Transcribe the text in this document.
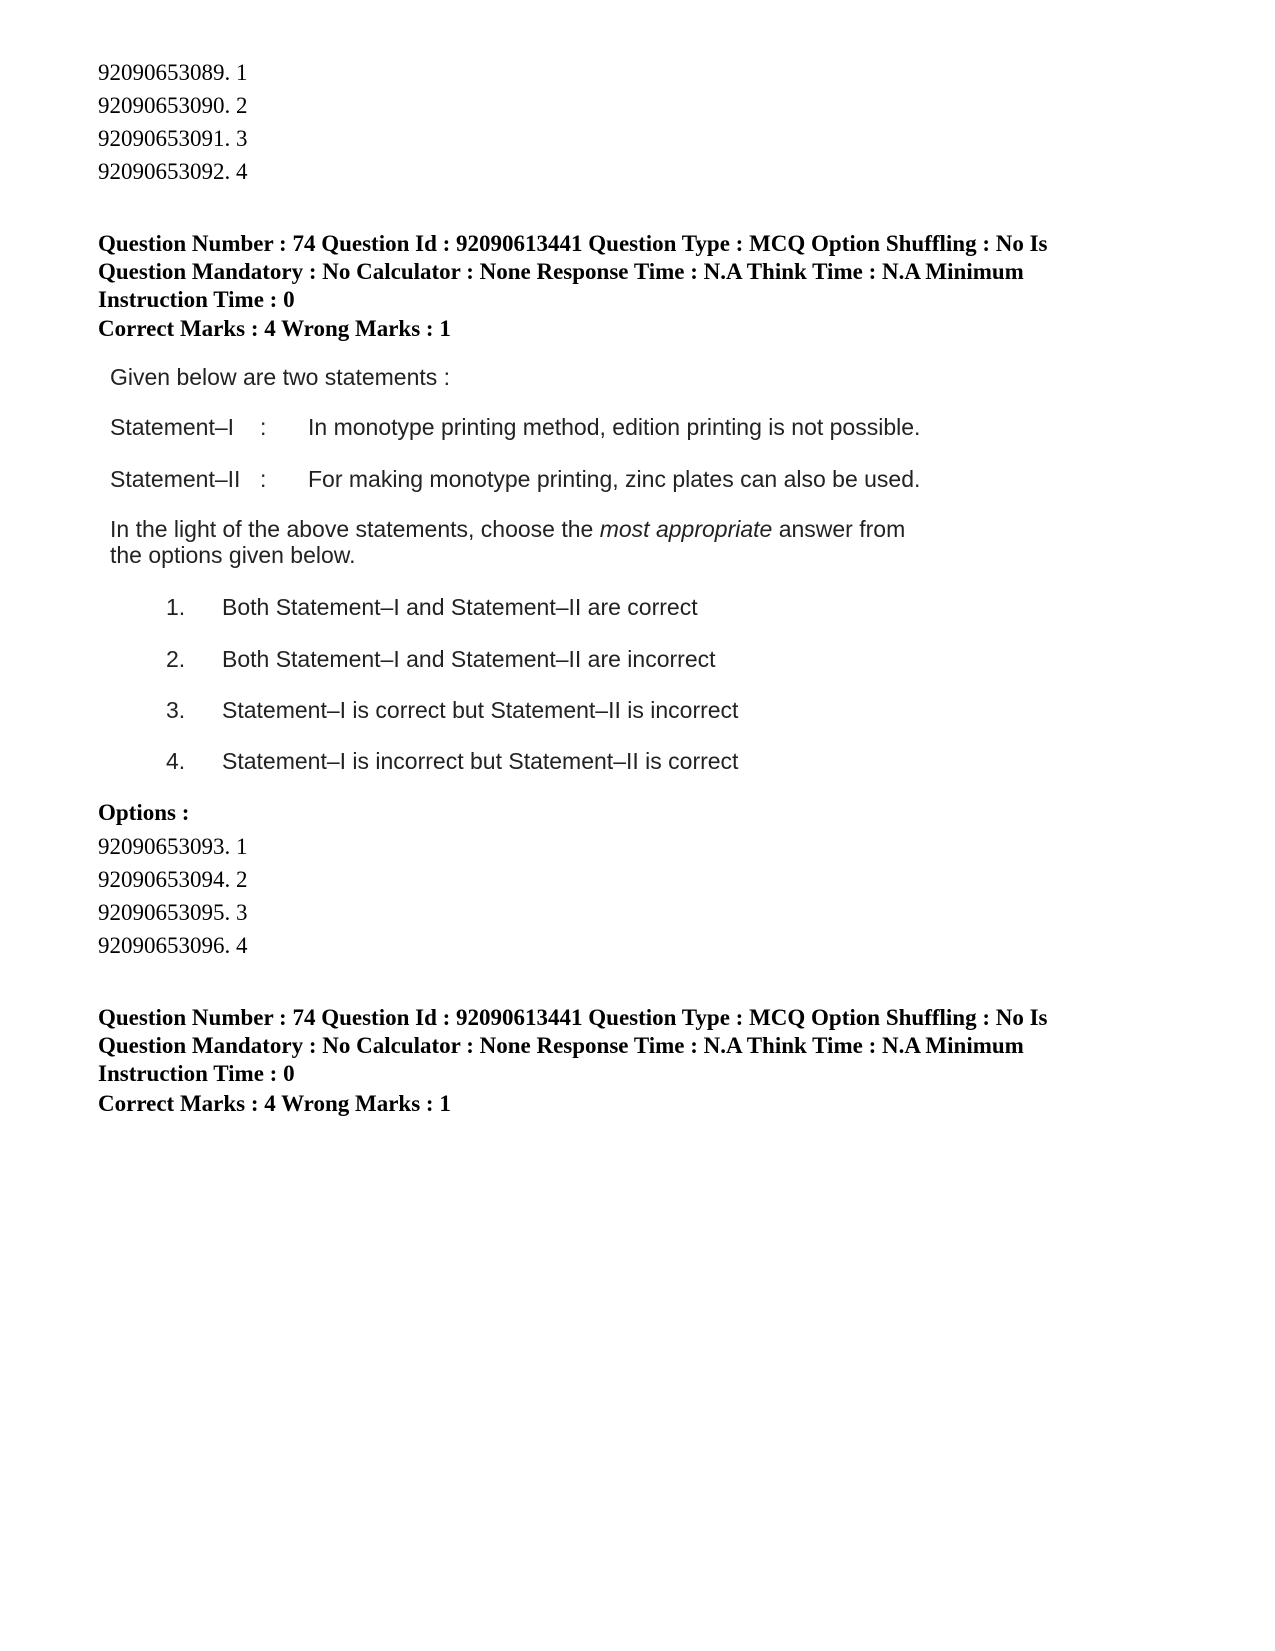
92090653089. 1
92090653090. 2
92090653091. 3
92090653092. 4
Question Number : 74 Question Id : 92090613441 Question Type : MCQ Option Shuffling : No Is
Question Mandatory : No Calculator : None Response Time : N.A Think Time : N.A Minimum
Instruction Time : 0
Correct Marks : 4 Wrong Marks : 1
Given below are two statements :
Statement–I : In monotype printing method, edition printing is not possible.
Statement–II : For making monotype printing, zinc plates can also be used.
In the light of the above statements, choose the most appropriate answer from
the options given below.
1. Both Statement–I and Statement–II are correct
2. Both Statement–I and Statement–II are incorrect
3. Statement–I is correct but Statement–II is incorrect
4. Statement–I is incorrect but Statement–II is correct
Options :
92090653093. 1
92090653094. 2
92090653095. 3
92090653096. 4
Question Number : 74 Question Id : 92090613441 Question Type : MCQ Option Shuffling : No Is
Question Mandatory : No Calculator : None Response Time : N.A Think Time : N.A Minimum
Instruction Time : 0
Correct Marks : 4 Wrong Marks : 1
